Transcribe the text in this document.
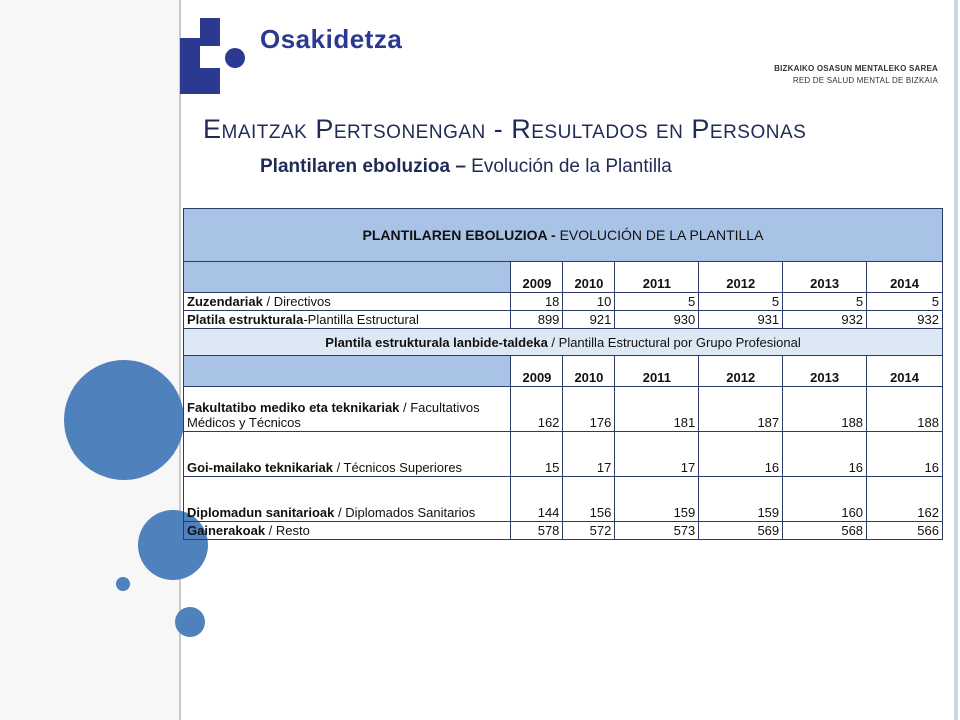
Osakidetza
BIZKAIKO OSASUN MENTALEKO SAREA
RED DE SALUD MENTAL DE BIZKAIA
Emaitzak Pertsonengan - Resultados en Personas
Plantilaren eboluzioa – Evolución de la Plantilla
PLANTILAREN EBOLUZIOA - EVOLUCIÓN DE LA PLANTILLA						
	2009	2010	2011	2012	2013	2014
Zuzendariak / Directivos	18	10	5	5	5	5
Platila estrukturala-Plantilla Estructural	899	921	930	931	932	932
Plantila estrukturala lanbide-taldeka / Plantilla Estructural por Grupo Profesional						
	2009	2010	2011	2012	2013	2014
Fakultatibo mediko eta teknikariak / Facultativos Médicos y Técnicos	162	176	181	187	188	188
Goi-mailako teknikariak / Técnicos Superiores	15	17	17	16	16	16
Diplomadun sanitarioak / Diplomados Sanitarios	144	156	159	159	160	162
Gainerakoak / Resto	578	572	573	569	568	566
